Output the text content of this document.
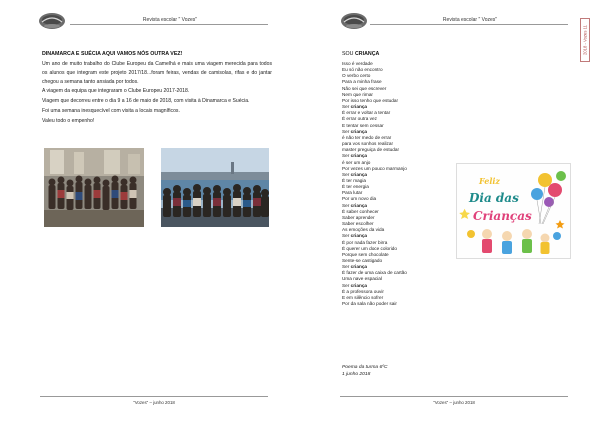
Revista escolar " Vozes"
"Vozes" – junho 2018
DINAMARCA E SUÉCIA AQUI VAMOS NÓS OUTRA VEZ!
Um ano de muito trabalho do Clube Europeu da Camelhá e mais uma viagem merecida para todos os alunos que integram este projeto 2017/18...foram feiras, vendas de camisolas, rifas e do jantar chegou a semana tanto ansiada por todos.
A viagem da equipa que integraram o Clube Europeu 2017-2018.
Viagem que decorreu entre o dia 9 a 16 de maio de 2018, com visita à Dinamarca e Suécia.
Foi uma semana inesquecível com visita a locais magníficos.
Valeu todo o empenho!
Revista escolar " Vozes"
2018 - Vozes 11
"Vozes" – junho 2018
SOU CRIANÇA
Isso é verdade
Eu só não encontro
O verbo certo
Para a minha frase
Não sei que escrever
Nem que rimar
Por isso tenho que estudar
Ser criança
É errar e voltar a tentar
É errar outra vez
E tentar sem cessar
Ser criança
é não ter medo de errar
para vos sonhos realizar
master preguiça de estudar
Ser criança
é ser um anjo
Por vezes um pouco marmanjo
Ser criança
É ter magia
É ter energia
Para lutar
Por um novo dia
Ser criança
É saber conhecer
Saber aprender
Saber escolher
As emoções da vida
Ser criança
É por nada fazer birra
É querer um doce colorido
Porque sem chocolate
Sente-se castigado
Ser criança
É fazer de uma caixa de cartão
Uma nave espacial
Ser criança
É a professora ouvir
E em silêncio sofrer
Por da sala não poder sair
Poema da turma 6ºC
1 junho 2018
Feliz
Dia das
Crianças
